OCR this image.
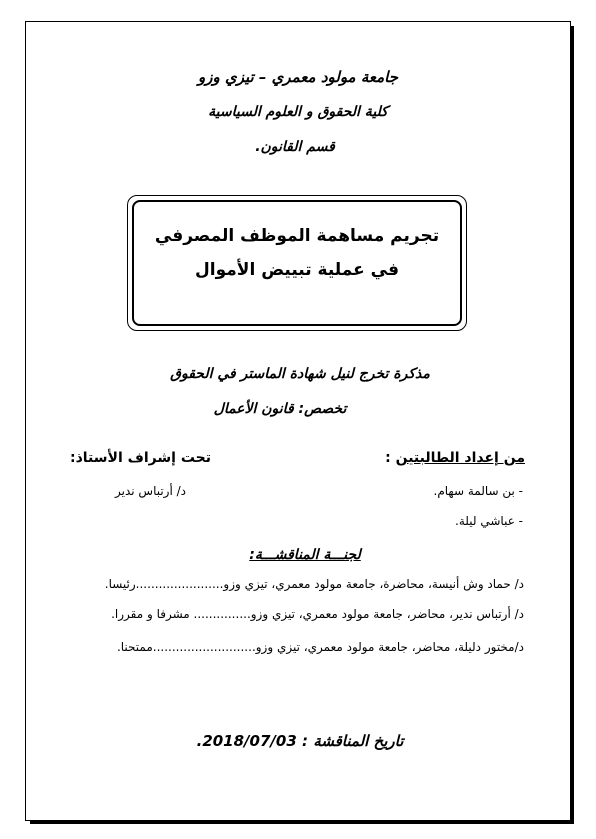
جامعة مولود معمري – تيزي وزو
كلية الحقوق و العلوم السياسية
قسم القانون.
تجريم مساهمة الموظف المصرفي
في عملية تبييض الأموال
مذكرة تخرج لنيل شهادة الماستر في الحقوق
تخصص: قانون الأعمال
من إعداد الطالبتين :
- بن سالمة سهام.
- عباشي ليلة.
تحت إشراف الأستاذ:
د/ أرتباس ندير
لجنـــة المناقشـــة:
د/ حماد وش أنيسة، محاضرة، جامعة مولود معمري، تيزي وزو.......................رئيسا.
د/ أرتباس ندير، محاضر، جامعة مولود معمري، تيزي وزو............... مشرفا و مقررا.
د/مختور دليلة، محاضر، جامعة مولود معمري، تيزي وزو...........................ممتحنا.
تاريخ المناقشة : 2018/07/03.
